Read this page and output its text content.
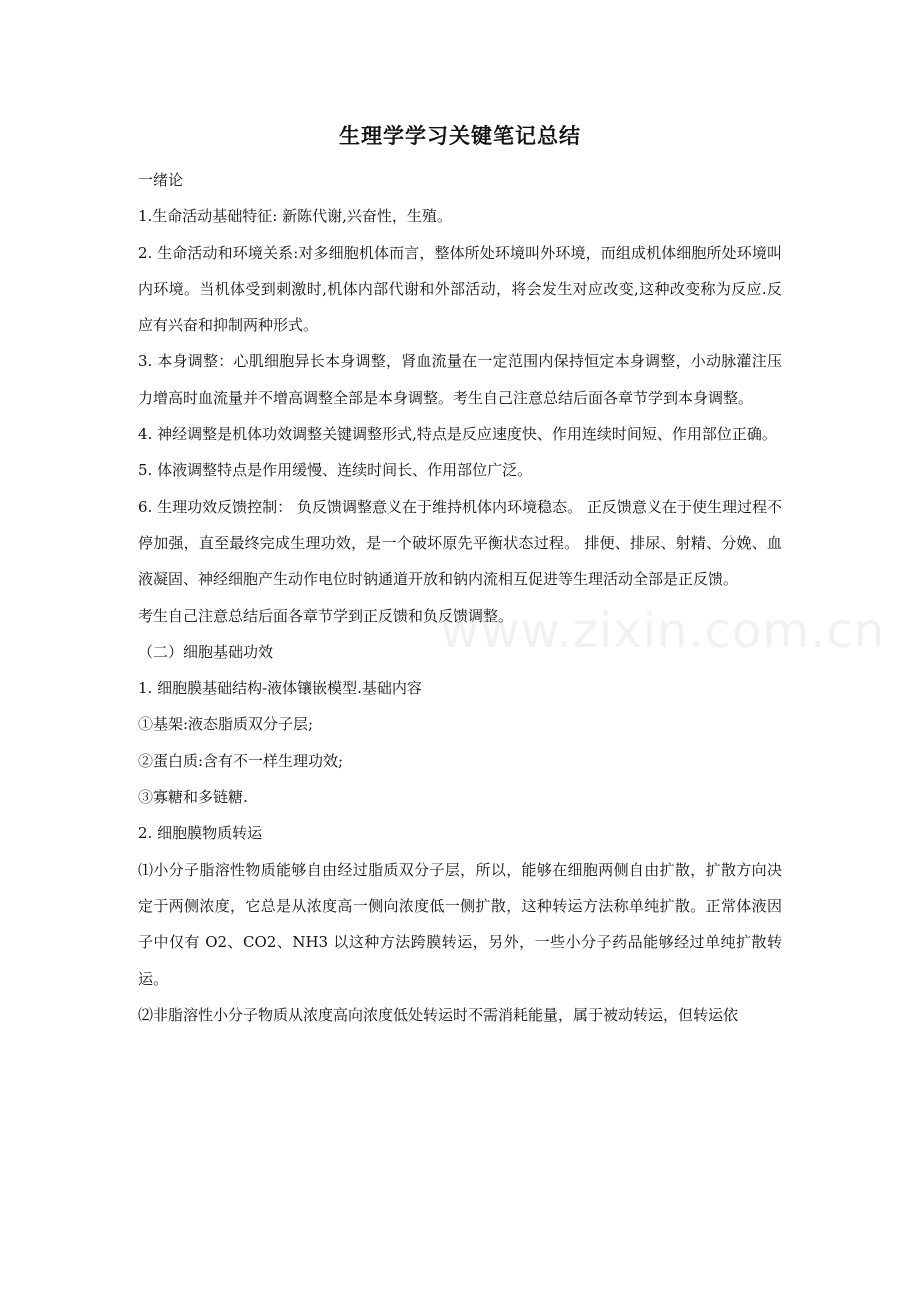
生理学学习关键笔记总结

一绪论

1.生命活动基础特征: 新陈代谢,兴奋性，生殖。

2. 生命活动和环境关系:对多细胞机体而言，整体所处环境叫外环境，而组成机体细胞所处环境叫内环境。当机体受到刺激时,机体内部代谢和外部活动，将会发生对应改变,这种改变称为反应.反应有兴奋和抑制两种形式。

3. 本身调整：心肌细胞异长本身调整，肾血流量在一定范围内保持恒定本身调整，小动脉灌注压力增高时血流量并不增高调整全部是本身调整。考生自己注意总结后面各章节学到本身调整。

4. 神经调整是机体功效调整关键调整形式,特点是反应速度快、作用连续时间短、作用部位正确。

5. 体液调整特点是作用缓慢、连续时间长、作用部位广泛。

6. 生理功效反馈控制： 负反馈调整意义在于维持机体内环境稳态。 正反馈意义在于使生理过程不停加强，直至最终完成生理功效，是一个破坏原先平衡状态过程。 排便、排尿、射精、分娩、血液凝固、神经细胞产生动作电位时钠通道开放和钠内流相互促进等生理活动全部是正反馈。

考生自己注意总结后面各章节学到正反馈和负反馈调整。

（二）细胞基础功效

1. 细胞膜基础结构-液体镶嵌模型.基础内容

①基架:液态脂质双分子层;

②蛋白质:含有不一样生理功效;

③寡糖和多链糖.

2. 细胞膜物质转运

⑴小分子脂溶性物质能够自由经过脂质双分子层，所以，能够在细胞两侧自由扩散，扩散方向决定于两侧浓度，它总是从浓度高一侧向浓度低一侧扩散，这种转运方法称单纯扩散。正常体液因子中仅有 O2、CO2、NH3 以这种方法跨膜转运，另外，一些小分子药品能够经过单纯扩散转运。

⑵非脂溶性小分子物质从浓度高向浓度低处转运时不需消耗能量，属于被动转运，但转运依

www.zixin.com.cn
